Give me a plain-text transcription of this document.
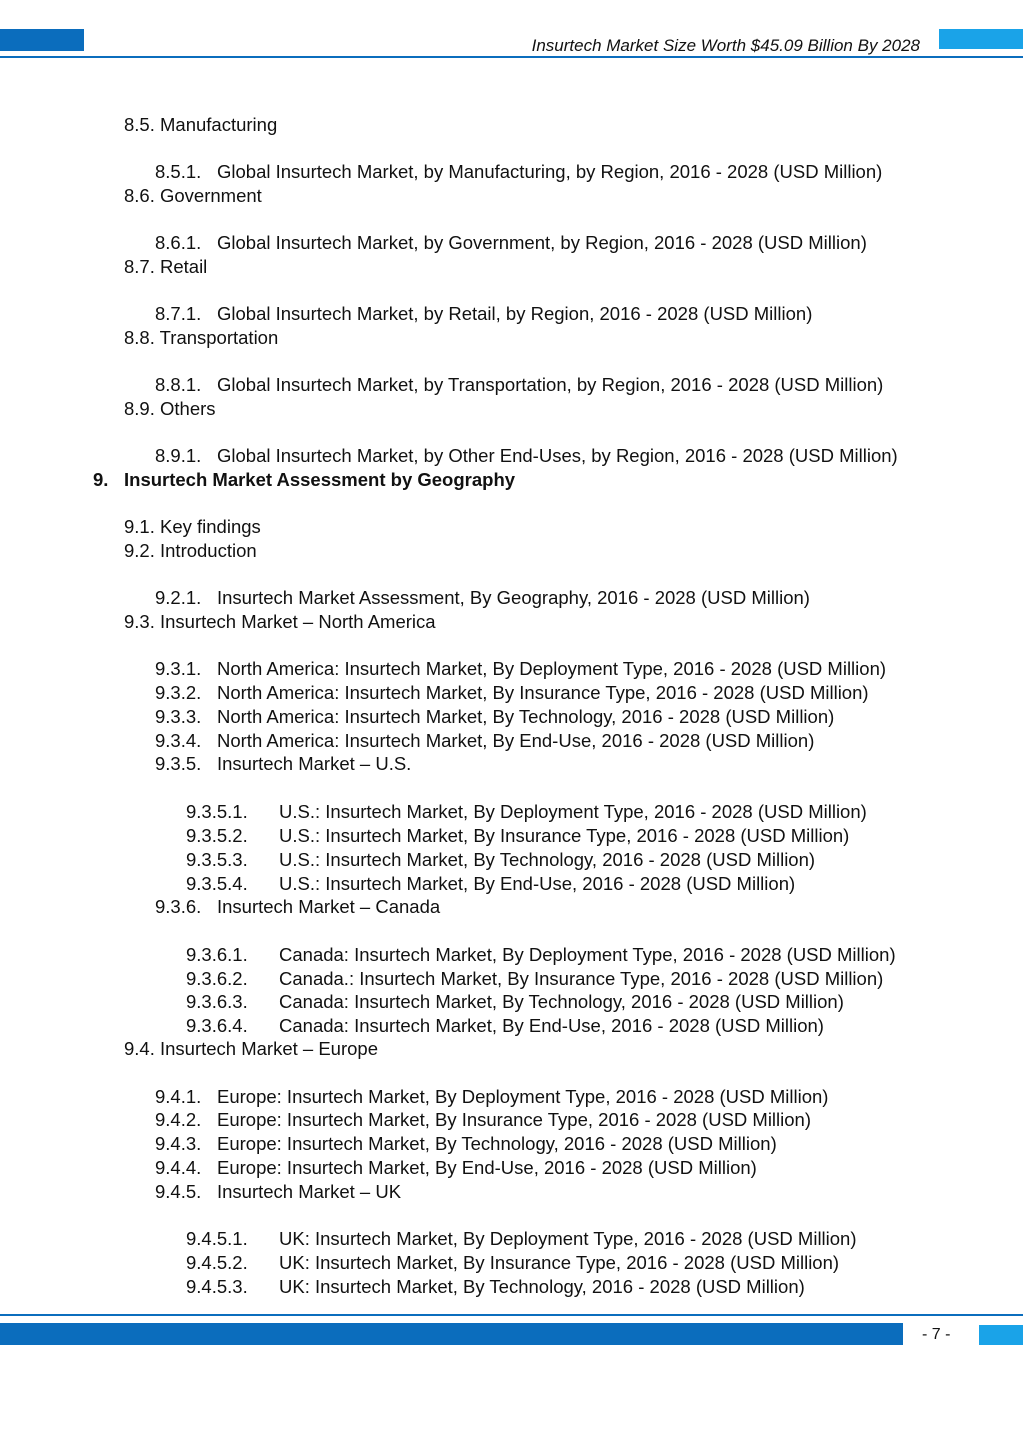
Insurtech Market Size Worth $45.09 Billion By 2028
8.5. Manufacturing
8.5.1. Global Insurtech Market, by Manufacturing, by Region, 2016 - 2028 (USD Million)
8.6. Government
8.6.1. Global Insurtech Market, by Government, by Region, 2016 - 2028 (USD Million)
8.7. Retail
8.7.1. Global Insurtech Market, by Retail, by Region, 2016 - 2028 (USD Million)
8.8. Transportation
8.8.1. Global Insurtech Market, by Transportation, by Region, 2016 - 2028 (USD Million)
8.9. Others
8.9.1. Global Insurtech Market, by Other End-Uses, by Region, 2016 - 2028 (USD Million)
9. Insurtech Market Assessment by Geography
9.1. Key findings
9.2. Introduction
9.2.1. Insurtech Market Assessment, By Geography, 2016 - 2028 (USD Million)
9.3. Insurtech Market – North America
9.3.1. North America: Insurtech Market, By Deployment Type, 2016 - 2028 (USD Million)
9.3.2. North America: Insurtech Market, By Insurance Type, 2016 - 2028 (USD Million)
9.3.3. North America: Insurtech Market, By Technology, 2016 - 2028 (USD Million)
9.3.4. North America: Insurtech Market, By End-Use, 2016 - 2028 (USD Million)
9.3.5. Insurtech Market – U.S.
9.3.5.1. U.S.: Insurtech Market, By Deployment Type, 2016 - 2028 (USD Million)
9.3.5.2. U.S.: Insurtech Market, By Insurance Type, 2016 - 2028 (USD Million)
9.3.5.3. U.S.: Insurtech Market, By Technology, 2016 - 2028 (USD Million)
9.3.5.4. U.S.: Insurtech Market, By End-Use, 2016 - 2028 (USD Million)
9.3.6. Insurtech Market – Canada
9.3.6.1. Canada: Insurtech Market, By Deployment Type, 2016 - 2028 (USD Million)
9.3.6.2. Canada.: Insurtech Market, By Insurance Type, 2016 - 2028 (USD Million)
9.3.6.3. Canada: Insurtech Market, By Technology, 2016 - 2028 (USD Million)
9.3.6.4. Canada: Insurtech Market, By End-Use, 2016 - 2028 (USD Million)
9.4. Insurtech Market – Europe
9.4.1. Europe: Insurtech Market, By Deployment Type, 2016 - 2028 (USD Million)
9.4.2. Europe: Insurtech Market, By Insurance Type, 2016 - 2028 (USD Million)
9.4.3. Europe: Insurtech Market, By Technology, 2016 - 2028 (USD Million)
9.4.4. Europe: Insurtech Market, By End-Use, 2016 - 2028 (USD Million)
9.4.5. Insurtech Market – UK
9.4.5.1. UK: Insurtech Market, By Deployment Type, 2016 - 2028 (USD Million)
9.4.5.2. UK: Insurtech Market, By Insurance Type, 2016 - 2028 (USD Million)
9.4.5.3. UK: Insurtech Market, By Technology, 2016 - 2028 (USD Million)
- 7 -
